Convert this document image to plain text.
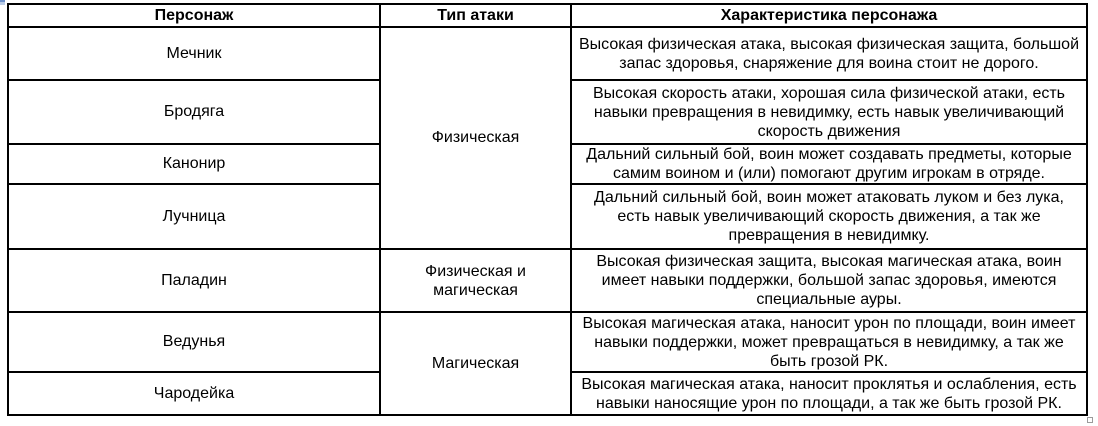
Персонаж	Тип атаки	Характеристика персонажа
Мечник	Физическая	Высокая физическая атака, высокая физическая защита, большой запас здоровья, снаряжение для воина стоит не дорого.
Бродяга		Высокая скорость атаки, хорошая сила физической атаки, есть навыки превращения в невидимку, есть навык увеличивающий скорость движения
Канонир		Дальний сильный бой, воин может создавать предметы, которые самим воином и (или) помогают другим игрокам в отряде.
Лучница		Дальний сильный бой, воин может атаковать луком и без лука, есть навык увеличивающий скорость движения, а так же превращения в невидимку.
Паладин	Физическая и магическая	Высокая физическая защита, высокая магическая атака, воин имеет навыки поддержки, большой запас здоровья, имеются специальные ауры.
Ведунья	Магическая	Высокая магическая атака, наносит урон по площади, воин имеет навыки поддержки, может превращаться в невидимку, а так же быть грозой РК.
Чародейка		Высокая магическая атака, наносит проклятья и ослабления, есть навыки наносящие урон по площади, а так же быть грозой РК.
